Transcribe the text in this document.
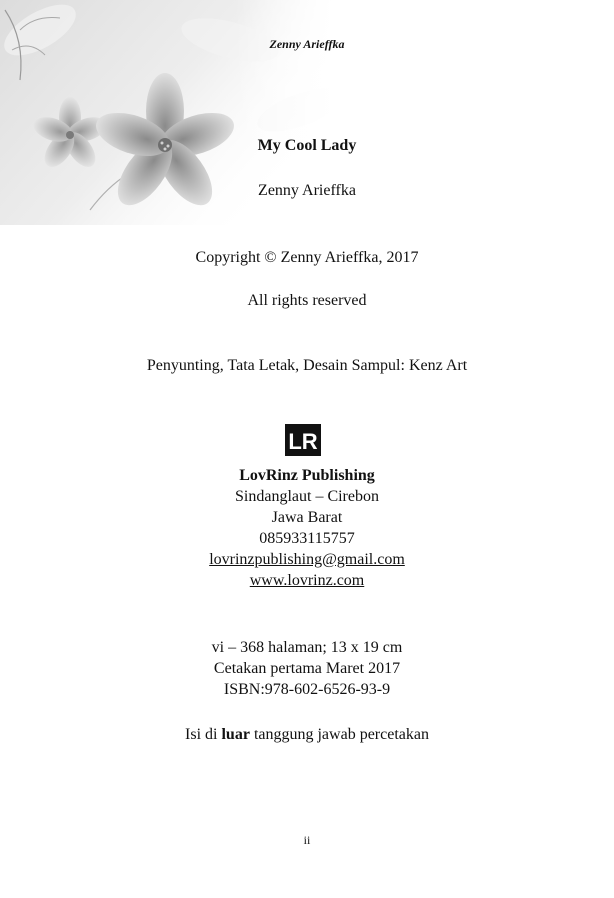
Zenny Arieffka
My Cool Lady
Zenny Arieffka
Copyright © Zenny Arieffka, 2017
All rights reserved
Penyunting, Tata Letak, Desain Sampul: Kenz Art
LR
LovRinz Publishing
Sindanglaut – Cirebon
Jawa Barat
085933115757
lovrinzpublishing@gmail.com
www.lovrinz.com
vi – 368 halaman; 13 x 19 cm
Cetakan pertama Maret 2017
ISBN:978-602-6526-93-9
Isi di luar tanggung jawab percetakan
ii
